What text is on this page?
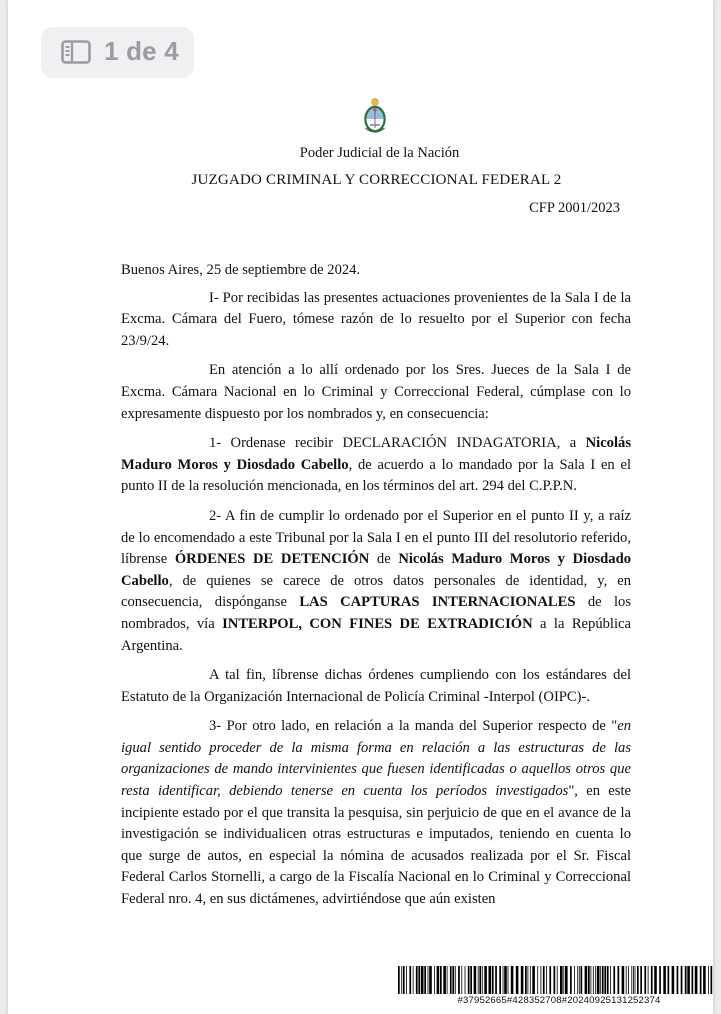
1 de 4
Poder Judicial de la Nación
JUZGADO CRIMINAL Y CORRECCIONAL FEDERAL 2
CFP 2001/2023

Buenos Aires, 25 de septiembre de 2024.

I- Por recibidas las presentes actuaciones provenientes de la Sala I de la Excma. Cámara del Fuero, tómese razón de lo resuelto por el Superior con fecha 23/9/24.

En atención a lo allí ordenado por los Sres. Jueces de la Sala I de Excma. Cámara Nacional en lo Criminal y Correccional Federal, cúmplase con lo expresamente dispuesto por los nombrados y, en consecuencia:

1- Ordenase recibir DECLARACIÓN INDAGATORIA, a Nicolás Maduro Moros y Diosdado Cabello, de acuerdo a lo mandado por la Sala I en el punto II de la resolución mencionada, en los términos del art. 294 del C.P.P.N.

2- A fin de cumplir lo ordenado por el Superior en el punto II y, a raíz de lo encomendado a este Tribunal por la Sala I en el punto III del resolutorio referido, líbrense ÓRDENES DE DETENCIÓN de Nicolás Maduro Moros y Diosdado Cabello, de quienes se carece de otros datos personales de identidad, y, en consecuencia, dispónganse LAS CAPTURAS INTERNACIONALES de los nombrados, vía INTERPOL, CON FINES DE EXTRADICIÓN a la República Argentina.

A tal fin, líbrense dichas órdenes cumpliendo con los estándares del Estatuto de la Organización Internacional de Policía Criminal -Interpol (OIPC)-.

3- Por otro lado, en relación a la manda del Superior respecto de "en igual sentido proceder de la misma forma en relación a las estructuras de las organizaciones de mando intervinientes que fuesen identificadas o aquellos otros que resta identificar, debiendo tenerse en cuenta los períodos investigados", en este incipiente estado por el que transita la pesquisa, sin perjuicio de que en el avance de la investigación se individualicen otras estructuras e imputados, teniendo en cuenta lo que surge de autos, en especial la nómina de acusados realizada por el Sr. Fiscal Federal Carlos Stornelli, a cargo de la Fiscalía Nacional en lo Criminal y Correccional Federal nro. 4, en sus dictámenes, advirtiéndose que aún existen

#37952665#428352708#20240925131252374
